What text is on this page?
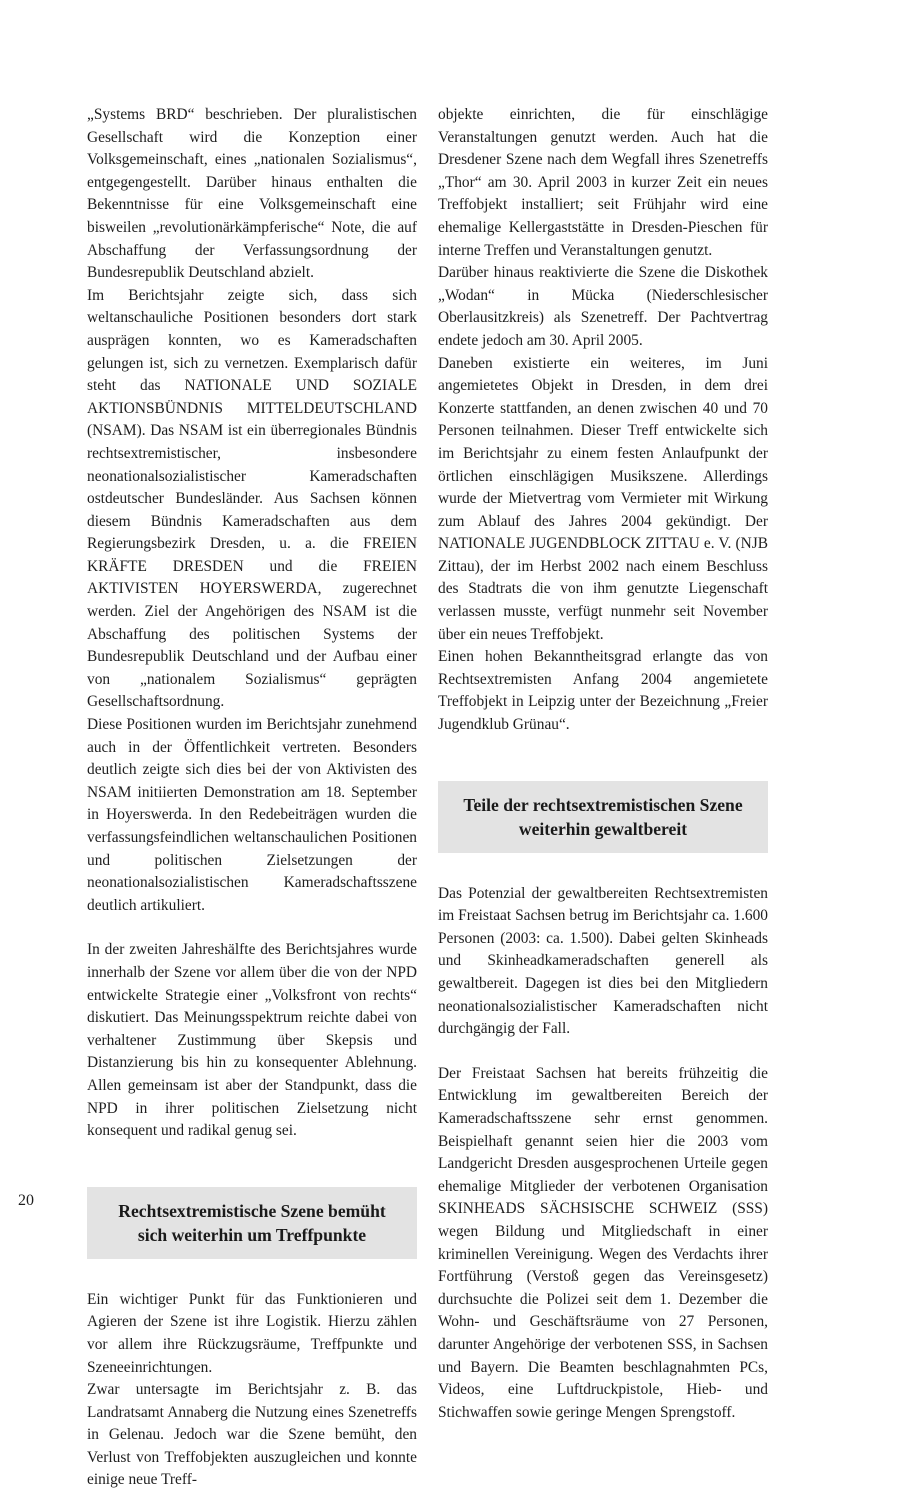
„Systems BRD“ beschrieben. Der pluralistischen Gesellschaft wird die Konzeption einer Volksgemeinschaft, eines „nationalen Sozialismus“, entgegengestellt. Darüber hinaus enthalten die Bekenntnisse für eine Volksgemeinschaft eine bisweilen „revolutionärkämpferische“ Note, die auf Abschaffung der Verfassungsordnung der Bundesrepublik Deutschland abzielt.

Im Berichtsjahr zeigte sich, dass sich weltanschauliche Positionen besonders dort stark ausprägen konnten, wo es Kameradschaften gelungen ist, sich zu vernetzen. Exemplarisch dafür steht das NATIONALE UND SOZIALE AKTIONSBÜNDNIS MITTELDEUTSCHLAND (NSAM). Das NSAM ist ein überregionales Bündnis rechtsextremistischer, insbesondere neonationalsozialistischer Kameradschaften ostdeutscher Bundesländer. Aus Sachsen können diesem Bündnis Kameradschaften aus dem Regierungsbezirk Dresden, u. a. die FREIEN KRÄFTE DRESDEN und die FREIEN AKTIVISTEN HOYERSWERDA, zugerechnet werden. Ziel der Angehörigen des NSAM ist die Abschaffung des politischen Systems der Bundesrepublik Deutschland und der Aufbau einer von „nationalem Sozialismus“ geprägten Gesellschaftsordnung.

Diese Positionen wurden im Berichtsjahr zunehmend auch in der Öffentlichkeit vertreten. Besonders deutlich zeigte sich dies bei der von Aktivisten des NSAM initiierten Demonstration am 18. September in Hoyerswerda. In den Redebeiträgen wurden die verfassungsfeindlichen weltanschaulichen Positionen und politischen Zielsetzungen der neonationalsozialistischen Kameradschaftsszene deutlich artikuliert.

In der zweiten Jahreshälfte des Berichtsjahres wurde innerhalb der Szene vor allem über die von der NPD entwickelte Strategie einer „Volksfront von rechts“ diskutiert. Das Meinungsspektrum reichte dabei von verhaltener Zustimmung über Skepsis und Distanzierung bis hin zu konsequenter Ablehnung. Allen gemeinsam ist aber der Standpunkt, dass die NPD in ihrer politischen Zielsetzung nicht konsequent und radikal genug sei.

Rechtsextremistische Szene bemüht
sich weiterhin um Treffpunkte

Ein wichtiger Punkt für das Funktionieren und Agieren der Szene ist ihre Logistik. Hierzu zählen vor allem ihre Rückzugsräume, Treffpunkte und Szeneeinrichtungen.

Zwar untersagte im Berichtsjahr z. B. das Landratsamt Annaberg die Nutzung eines Szenetreffs in Gelenau. Jedoch war die Szene bemüht, den Verlust von Treffobjekten auszugleichen und konnte einige neue Treff-

objekte einrichten, die für einschlägige Veranstaltungen genutzt werden. Auch hat die Dresdener Szene nach dem Wegfall ihres Szenetreffs „Thor“ am 30. April 2003 in kurzer Zeit ein neues Treffobjekt installiert; seit Frühjahr wird eine ehemalige Kellergaststätte in Dresden-Pieschen für interne Treffen und Veranstaltungen genutzt.

Darüber hinaus reaktivierte die Szene die Diskothek „Wodan“ in Mücka (Niederschlesischer Oberlausitzkreis) als Szenetreff. Der Pachtvertrag endete jedoch am 30. April 2005.

Daneben existierte ein weiteres, im Juni angemietetes Objekt in Dresden, in dem drei Konzerte stattfanden, an denen zwischen 40 und 70 Personen teilnahmen. Dieser Treff entwickelte sich im Berichtsjahr zu einem festen Anlaufpunkt der örtlichen einschlägigen Musikszene. Allerdings wurde der Mietvertrag vom Vermieter mit Wirkung zum Ablauf des Jahres 2004 gekündigt. Der NATIONALE JUGENDBLOCK ZITTAU e. V. (NJB Zittau), der im Herbst 2002 nach einem Beschluss des Stadtrats die von ihm genutzte Liegenschaft verlassen musste, verfügt nunmehr seit November über ein neues Treffobjekt.

Einen hohen Bekanntheitsgrad erlangte das von Rechtsextremisten Anfang 2004 angemietete Treffobjekt in Leipzig unter der Bezeichnung „Freier Jugendklub Grünau“.

Teile der rechtsextremistischen Szene
weiterhin gewaltbereit

Das Potenzial der gewaltbereiten Rechtsextremisten im Freistaat Sachsen betrug im Berichtsjahr ca. 1.600 Personen (2003: ca. 1.500). Dabei gelten Skinheads und Skinheadkameradschaften generell als gewaltbereit. Dagegen ist dies bei den Mitgliedern neonationalsozialistischer Kameradschaften nicht durchgängig der Fall.

Der Freistaat Sachsen hat bereits frühzeitig die Entwicklung im gewaltbereiten Bereich der Kameradschaftsszene sehr ernst genommen. Beispielhaft genannt seien hier die 2003 vom Landgericht Dresden ausgesprochenen Urteile gegen ehemalige Mitglieder der verbotenen Organisation SKINHEADS SÄCHSISCHE SCHWEIZ (SSS) wegen Bildung und Mitgliedschaft in einer kriminellen Vereinigung. Wegen des Verdachts ihrer Fortführung (Verstoß gegen das Vereinsgesetz) durchsuchte die Polizei seit dem 1. Dezember die Wohn- und Geschäftsräume von 27 Personen, darunter Angehörige der verbotenen SSS, in Sachsen und Bayern. Die Beamten beschlagnahmten PCs, Videos, eine Luftdruckpistole, Hieb- und Stichwaffen sowie geringe Mengen Sprengstoff.

20
